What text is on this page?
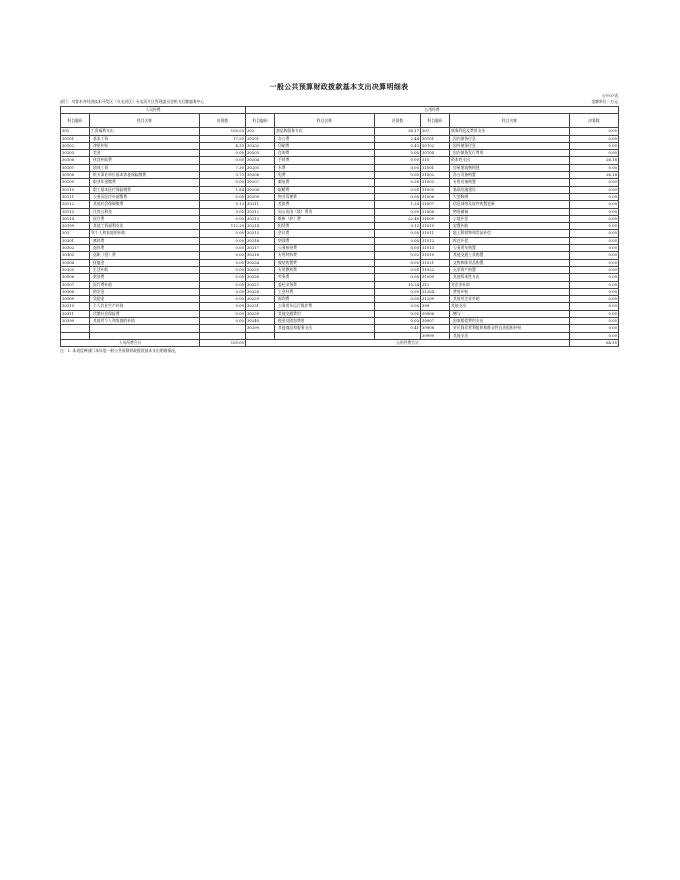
一般公共预算财政拨款基本支出决算明细表
公开07表
部门：乌鲁木齐经济技术开发区（头屯河区）头屯河片区管理委员会机关后勤服务中心	金额单位：万元
人员经费			公用经费					
科目编码	科目名称	决算数	科目编码	科目名称	决算数	科目编码	科目名称	决算数
301	工资福利支出	150.05	302	商品和服务支出	38.17	307	债务利息及费用支出	0.00
30101	基本工资	17.50	30201	办公费	2.44	30701	国内债务付息	0.00
30102	津贴补贴	4.33	30202	印刷费	0.43	30702	国外债务付息	0.00
30103	奖金	0.00	30203	咨询费	0.00	30704	国内债务发行费用	0.00
30106	伙食补助费	0.00	30204	手续费	0.00	310	资本性支出	26.18
30107	绩效工资	7.30	30205	水费	0.00	31001	房屋建筑物购建	0.00
30108	机关事业单位基本养老保险缴费	3.73	30206	电费	0.00	31002	办公设备购置	26.18
30109	职业年金缴费	0.00	30207	邮电费	0.56	31003	专用设备购置	0.00
30110	职工基本医疗保险缴费	1.84	30208	取暖费	0.00	31005	基础设施建设	0.00
30111	公务员医疗补助缴费	0.00	30209	物业管理费	0.00	31006	大型修缮	0.00
30112	其他社会保障缴费	0.13	30211	差旅费	1.24	31007	信息网络及软件购置更新	0.00
30113	住房公积金	3.02	30212	因公出国（境）费用	0.00	31008	物资储备	0.00
30114	医疗费	0.00	30213	维修（护）费	22.49	31009	土地补偿	0.00
30199	其他工资福利支出	112.20	30214	租赁费	0.13	31010	安置补助	0.00
303	对个人和家庭的补助	0.00	30215	会议费	0.00	31011	地上附着物和青苗补偿	0.00
30301	离休费	0.00	30216	培训费	0.00	31012	拆迁补偿	0.00
30302	退休费	0.00	30217	公务接待费	0.00	31013	公务用车购置	0.00
30303	退职（役）费	0.00	30218	专用材料费	0.02	31019	其他交通工具购置	0.00
30304	抚恤金	0.00	30224	被装购置费	0.00	31021	文物和陈列品购置	0.00
30305	生活补助	0.00	30225	专用燃料费	0.00	31022	无形资产购置	0.00
30306	救济费	0.00	30226	劳务费	0.00	31099	其他资本性支出	0.00
30307	医疗费补助	0.00	30227	委托业务费	10.24	312	对企业补助	0.00
30308	助学金	0.00	30228	工会经费	0.00	31204	费用补贴	0.00
30309	奖励金	0.00	30229	福利费	0.00	31299	其他对企业补助	0.00
30310	个人农业生产补贴	0.00	30231	公务用车运行维护费	0.00	399	其他支出	0.00
30311	代缴社会保险费	0.00	30239	其他交通费用	0.00	39906	赠与	0.00
30399	其他对个人和家庭的补助	0.00	30240	税金及附加费用	0.00	39907	国家赔偿费用支出	0.00
			30299	其他商品和服务支出	0.41	39908	对民间非营利组织和群众性自治组织补贴	0.00
						39999	其他支出	0.00
人员经费合计		150.05	公用经费合计					64.35
注：1. 本表反映部门本年度一般公共预算财政拨款基本支出明细情况。
